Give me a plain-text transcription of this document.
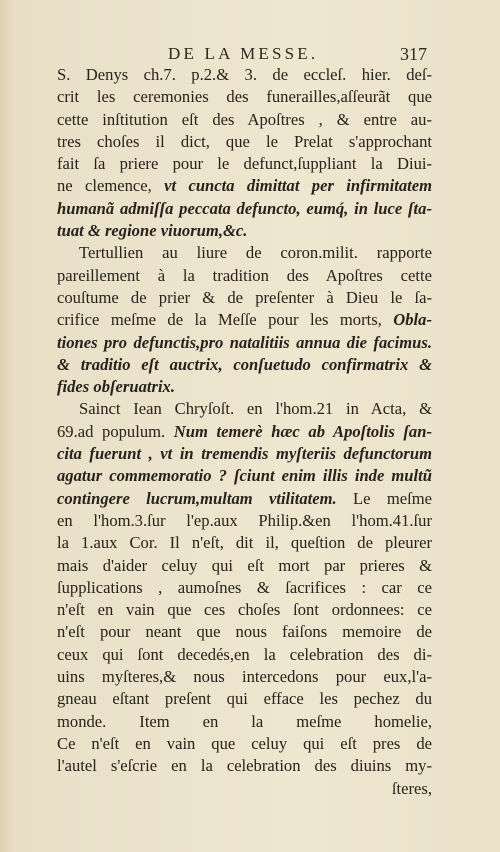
DE LA MESSE.	317
S. Denys ch.7. p.2.& 3. de eccleſ. hier. deſ-
crit les ceremonies des funerailles,aſſeurãt que
cette inſtitution eſt des Apoſtres , & entre au-
tres choſes il dict, que le Prelat s'approchant
fait ſa priere pour le defunct,ſuppliant la Diui-
ne clemence, vt cuncta dimittat per infirmitatem
humanã admiſſa peccata defuncto, eumq́, in luce ſta-
tuat & regione viuorum,&c.
Tertullien au liure de coron.milit. rapporte
pareillement à la tradition des Apoſtres cette
couſtume de prier & de preſenter à Dieu le ſa-
crifice meſme de la Meſſe pour les morts, Obla-
tiones pro defunctis,pro natalitiis annua die facimus.
& traditio eſt auctrix, conſuetudo confirmatrix &
fides obſeruatrix.
Sainct Iean Chryſoſt. en l'hom.21 in Acta, &
69.ad populum. Num temerè hæc ab Apoſtolis ſan-
cita fuerunt , vt in tremendis myſteriis defunctorum
agatur commemoratio ? ſciunt enim illis inde multũ
contingere lucrum,multam vtilitatem. Le meſme
en l'hom.3.ſur l'ep.aux Philip.&en l'hom.41.ſur
la 1.aux Cor. Il n'eſt, dit il, queſtion de pleurer
mais d'aider celuy qui eſt mort par prieres &
ſupplications , aumoſnes & ſacrifices : car ce
n'eſt en vain que ces choſes ſont ordonnees: ce
n'eſt pour neant que nous faiſons memoire de
ceux qui ſont decedés,en la celebration des di-
uins myſteres,& nous intercedons pour eux,l'a-
gneau eſtant preſent qui efface les pechez du
monde. Item en la meſme homelie,
Ce n'eſt en vain que celuy qui eſt pres de
l'autel s'eſcrie en la celebration des diuins my-
ſteres,
